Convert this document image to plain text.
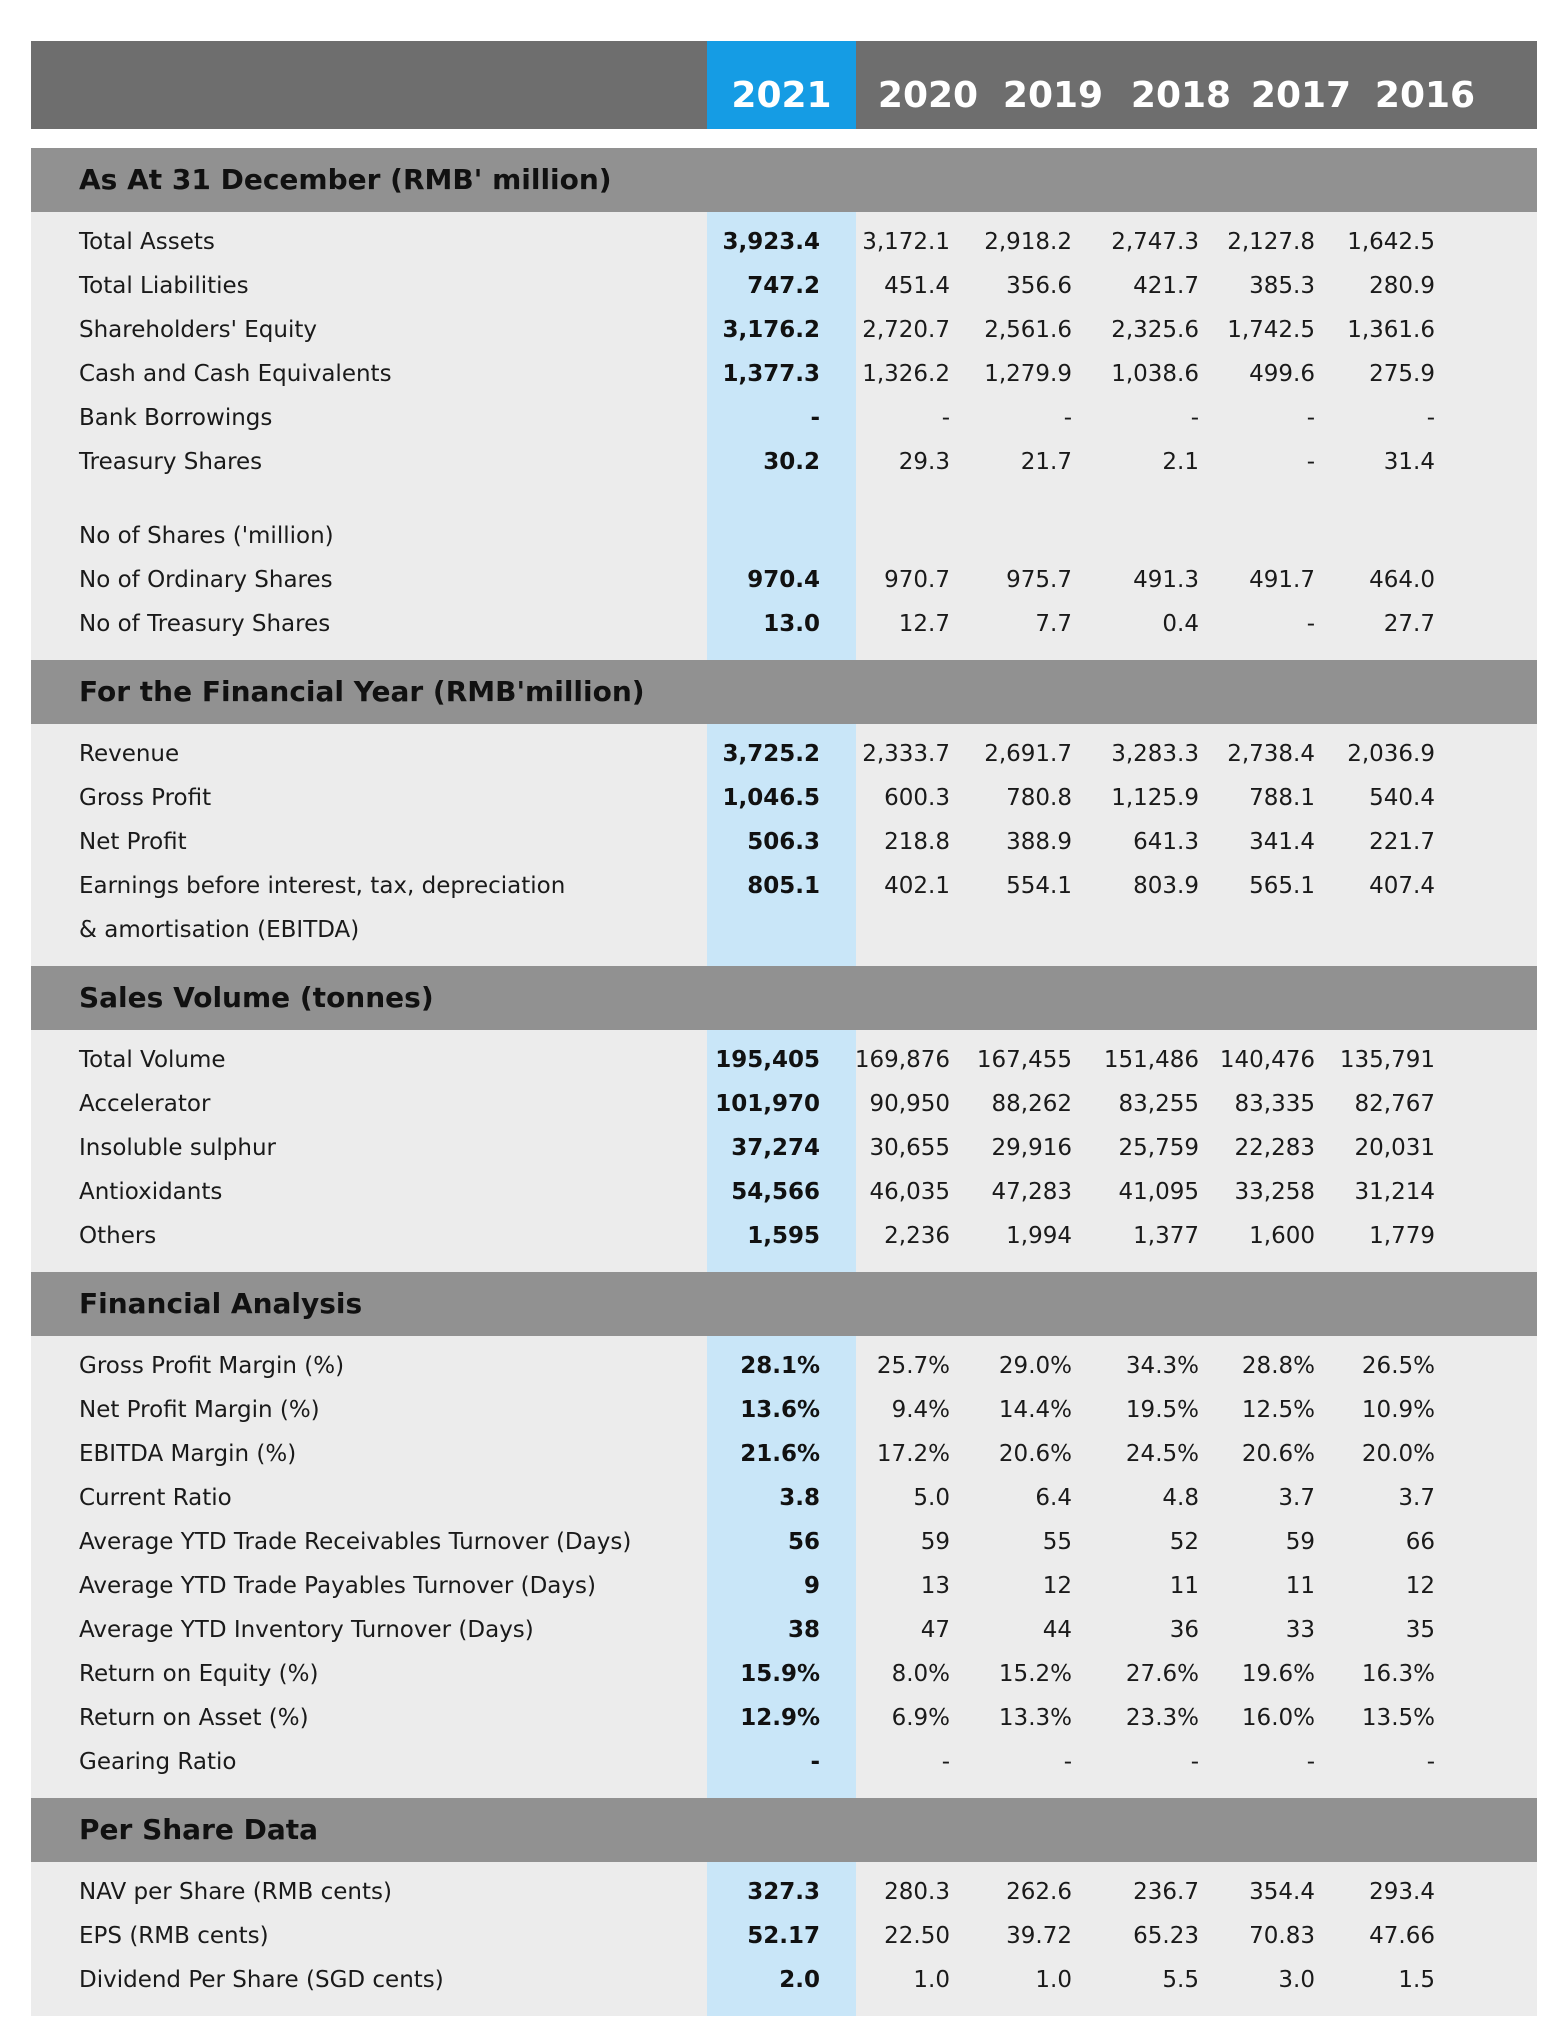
2021	2020 2019 2018 2017 2016
As At 31 December (RMB' million)
Total Assets	3,923.4 3,172.1 2,918.2 2,747.3 2,127.8 1,642.5
Total Liabilities	747.2	451.4 356.6	421.7 385.3 280.9
Shareholders' Equity	3,176.2 2,720.7 2,561.6 2,325.6 1,742.5 1,361.6
Cash and Cash Equivalents	1,377.3 1,326.2 1,279.9 1,038.6 499.6 275.9
Bank Borrowings	-	-	-	-	-	-
Treasury Shares	30.2	29.3	21.7	2.1	-	31.4
No of Shares ('million)
No of Ordinary Shares	970.4	970.7 975.7	491.3 491.7 464.0
No of Treasury Shares	13.0	12.7	7.7	0.4	-	27.7
For the Financial Year (RMB'million)
Revenue	3,725.2 2,333.7 2,691.7 3,283.3 2,738.4 2,036.9
Gross Profit	1,046.5	600.3 780.8 1,125.9 788.1 540.4
Net Profit	506.3	218.8 388.9	641.3 341.4 221.7
Earnings before interest, tax, depreciation	805.1	402.1 554.1	803.9 565.1 407.4
& amortisation (EBITDA)
Sales Volume (tonnes)
Total Volume	195,405 169,876 167,455 151,486 140,476 135,791
Accelerator	101,970 90,950 88,262 83,255 83,335 82,767
Insoluble sulphur	37,274 30,655 29,916 25,759 22,283 20,031
Antioxidants	54,566 46,035 47,283 41,095 33,258 31,214
Others	1,595	2,236 1,994	1,377 1,600 1,779
Financial Analysis
Gross Profit Margin (%)	28.1% 25.7% 29.0% 34.3% 28.8% 26.5%
Net Profit Margin (%)	13.6%	9.4% 14.4% 19.5% 12.5% 10.9%
EBITDA Margin (%)	21.6% 17.2% 20.6% 24.5% 20.6% 20.0%
Current Ratio	3.8	5.0	6.4	4.8	3.7	3.7
Average YTD Trade Receivables Turnover (Days)	56	59	55	52	59	66
Average YTD Trade Payables Turnover (Days)	9	13	12	11	11	12
Average YTD Inventory Turnover (Days)	38	47	44	36	33	35
Return on Equity (%)	15.9%	8.0% 15.2% 27.6% 19.6% 16.3%
Return on Asset (%)	12.9%	6.9% 13.3% 23.3% 16.0% 13.5%
Gearing Ratio	-	-	-	-	-	-
Per Share Data
NAV per Share (RMB cents)	327.3	280.3 262.6	236.7 354.4 293.4
EPS (RMB cents)	52.17	22.50 39.72	65.23 70.83 47.66
Dividend Per Share (SGD cents)	2.0	1.0	1.0	5.5	3.0	1.5
